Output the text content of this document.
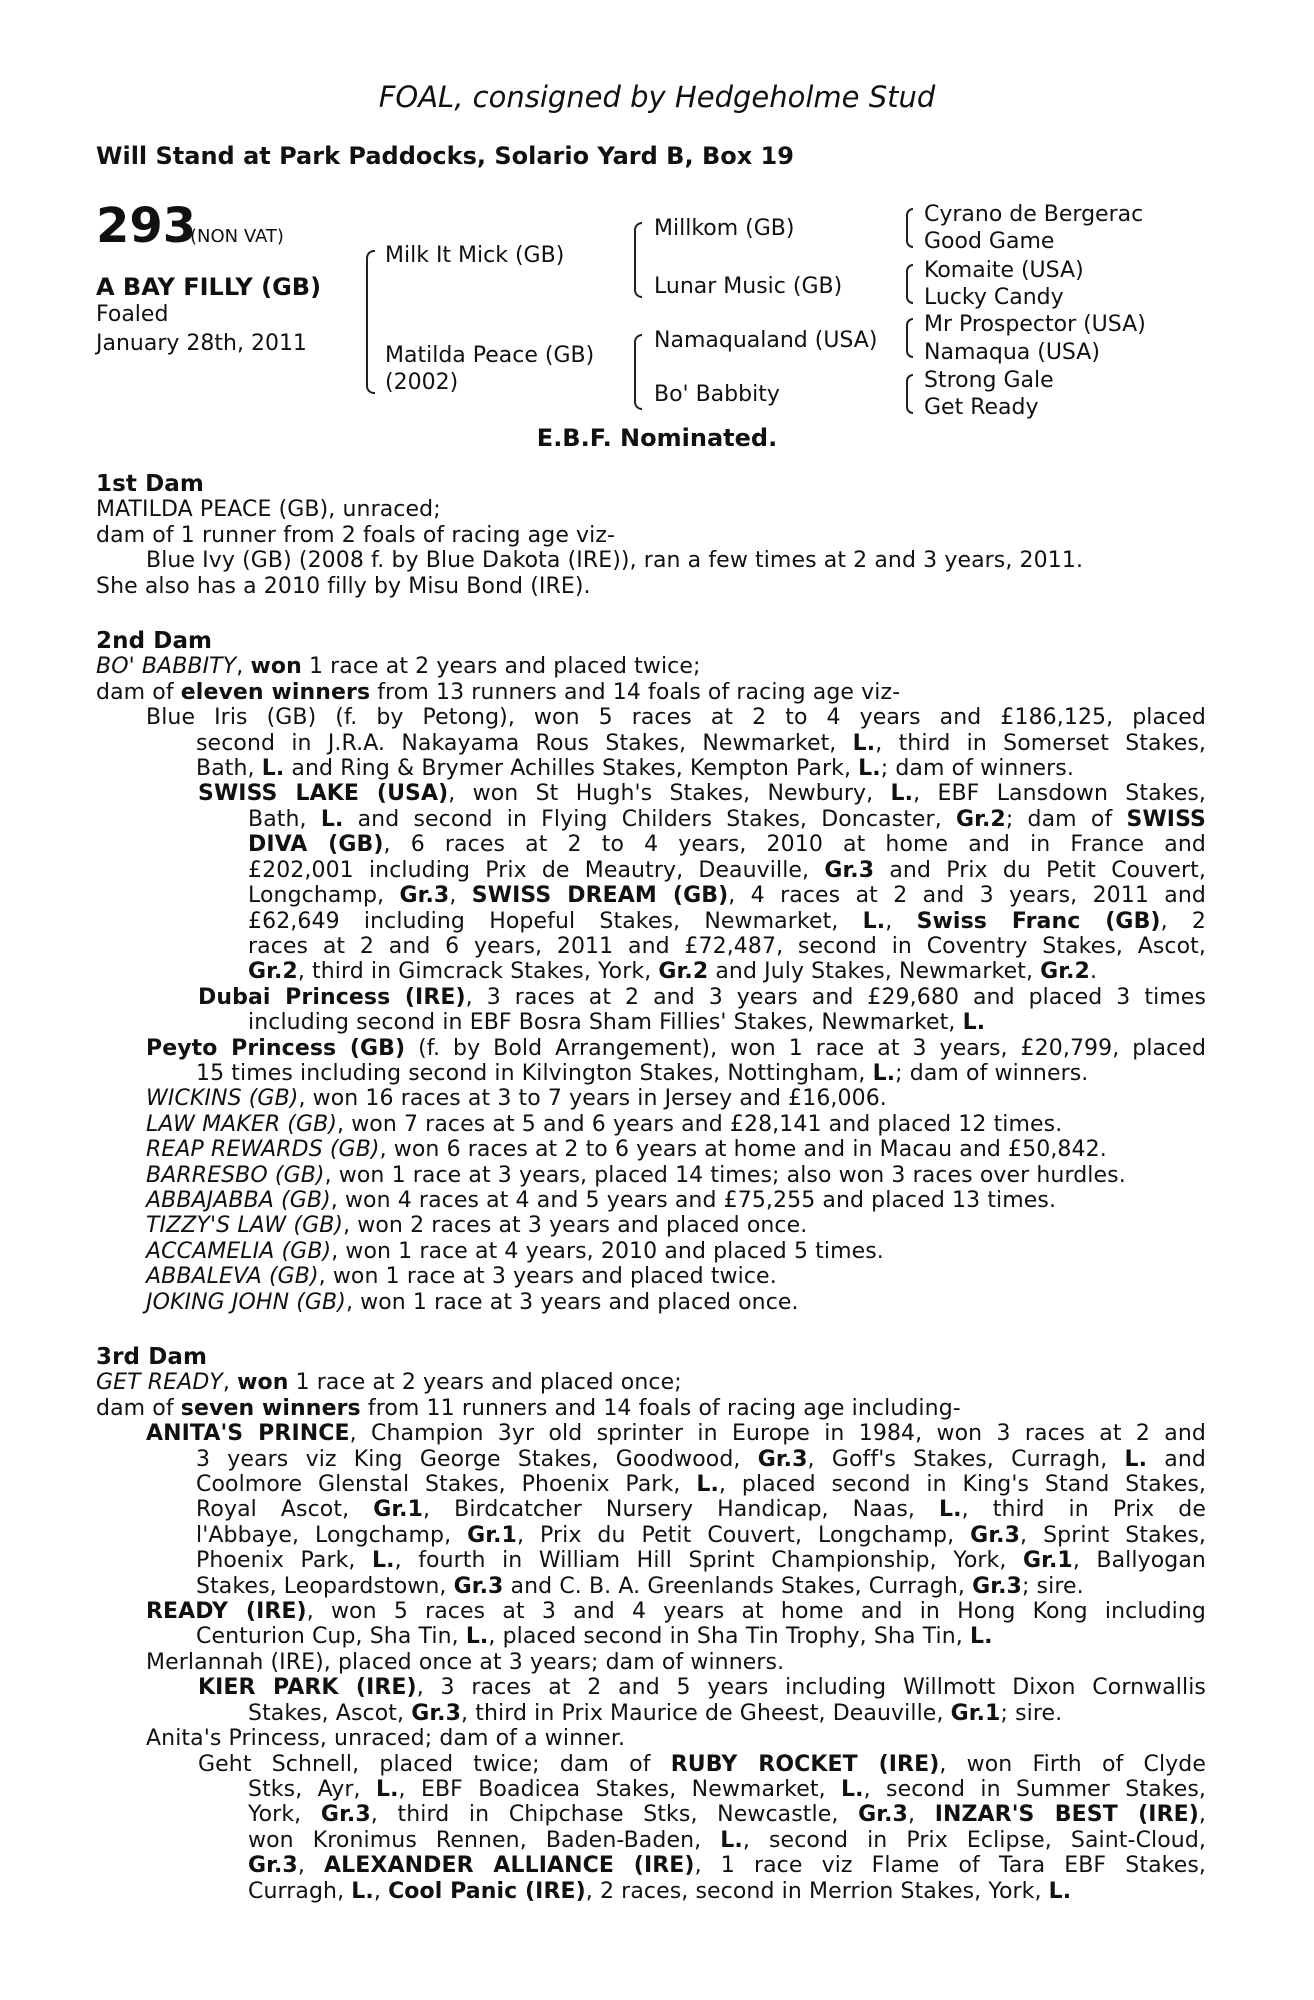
FOAL, consigned by Hedgeholme Stud
Will Stand at Park Paddocks, Solario Yard B, Box 19
293
(NON VAT)
A BAY FILLY (GB)
Foaled
January 28th, 2011
Milk It Mick (GB)
Matilda Peace (GB)
(2002)
Millkom (GB)
Lunar Music (GB)
Namaqualand (USA)
Bo' Babbity
Cyrano de Bergerac
Good Game
Komaite (USA)
Lucky Candy
Mr Prospector (USA)
Namaqua (USA)
Strong Gale
Get Ready
E.B.F. Nominated.
1st Dam
MATILDA PEACE (GB), unraced;
dam of 1 runner from 2 foals of racing age viz-
Blue Ivy (GB) (2008 f. by Blue Dakota (IRE)), ran a few times at 2 and 3 years, 2011.
She also has a 2010 filly by Misu Bond (IRE).
2nd Dam
BO' BABBITY, won 1 race at 2 years and placed twice;
dam of eleven winners from 13 runners and 14 foals of racing age viz-
Blue Iris (GB) (f. by Petong), won 5 races at 2 to 4 years and £186,125, placed
second in J.R.A. Nakayama Rous Stakes, Newmarket, L., third in Somerset Stakes,
Bath, L. and Ring & Brymer Achilles Stakes, Kempton Park, L.; dam of winners.
SWISS LAKE (USA), won St Hugh's Stakes, Newbury, L., EBF Lansdown Stakes,
Bath, L. and second in Flying Childers Stakes, Doncaster, Gr.2; dam of SWISS
DIVA (GB), 6 races at 2 to 4 years, 2010 at home and in France and
£202,001 including Prix de Meautry, Deauville, Gr.3 and Prix du Petit Couvert,
Longchamp, Gr.3, SWISS DREAM (GB), 4 races at 2 and 3 years, 2011 and
£62,649 including Hopeful Stakes, Newmarket, L., Swiss Franc (GB), 2
races at 2 and 6 years, 2011 and £72,487, second in Coventry Stakes, Ascot,
Gr.2, third in Gimcrack Stakes, York, Gr.2 and July Stakes, Newmarket, Gr.2.
Dubai Princess (IRE), 3 races at 2 and 3 years and £29,680 and placed 3 times
including second in EBF Bosra Sham Fillies' Stakes, Newmarket, L.
Peyto Princess (GB) (f. by Bold Arrangement), won 1 race at 3 years, £20,799, placed
15 times including second in Kilvington Stakes, Nottingham, L.; dam of winners.
WICKINS (GB), won 16 races at 3 to 7 years in Jersey and £16,006.
LAW MAKER (GB), won 7 races at 5 and 6 years and £28,141 and placed 12 times.
REAP REWARDS (GB), won 6 races at 2 to 6 years at home and in Macau and £50,842.
BARRESBO (GB), won 1 race at 3 years, placed 14 times; also won 3 races over hurdles.
ABBAJABBA (GB), won 4 races at 4 and 5 years and £75,255 and placed 13 times.
TIZZY'S LAW (GB), won 2 races at 3 years and placed once.
ACCAMELIA (GB), won 1 race at 4 years, 2010 and placed 5 times.
ABBALEVA (GB), won 1 race at 3 years and placed twice.
JOKING JOHN (GB), won 1 race at 3 years and placed once.
3rd Dam
GET READY, won 1 race at 2 years and placed once;
dam of seven winners from 11 runners and 14 foals of racing age including-
ANITA'S PRINCE, Champion 3yr old sprinter in Europe in 1984, won 3 races at 2 and
3 years viz King George Stakes, Goodwood, Gr.3, Goff's Stakes, Curragh, L. and
Coolmore Glenstal Stakes, Phoenix Park, L., placed second in King's Stand Stakes,
Royal Ascot, Gr.1, Birdcatcher Nursery Handicap, Naas, L., third in Prix de
l'Abbaye, Longchamp, Gr.1, Prix du Petit Couvert, Longchamp, Gr.3, Sprint Stakes,
Phoenix Park, L., fourth in William Hill Sprint Championship, York, Gr.1, Ballyogan
Stakes, Leopardstown, Gr.3 and C. B. A. Greenlands Stakes, Curragh, Gr.3; sire.
READY (IRE), won 5 races at 3 and 4 years at home and in Hong Kong including
Centurion Cup, Sha Tin, L., placed second in Sha Tin Trophy, Sha Tin, L.
Merlannah (IRE), placed once at 3 years; dam of winners.
KIER PARK (IRE), 3 races at 2 and 5 years including Willmott Dixon Cornwallis
Stakes, Ascot, Gr.3, third in Prix Maurice de Gheest, Deauville, Gr.1; sire.
Anita's Princess, unraced; dam of a winner.
Geht Schnell, placed twice; dam of RUBY ROCKET (IRE), won Firth of Clyde
Stks, Ayr, L., EBF Boadicea Stakes, Newmarket, L., second in Summer Stakes,
York, Gr.3, third in Chipchase Stks, Newcastle, Gr.3, INZAR'S BEST (IRE),
won Kronimus Rennen, Baden-Baden, L., second in Prix Eclipse, Saint-Cloud,
Gr.3, ALEXANDER ALLIANCE (IRE), 1 race viz Flame of Tara EBF Stakes,
Curragh, L., Cool Panic (IRE), 2 races, second in Merrion Stakes, York, L.
